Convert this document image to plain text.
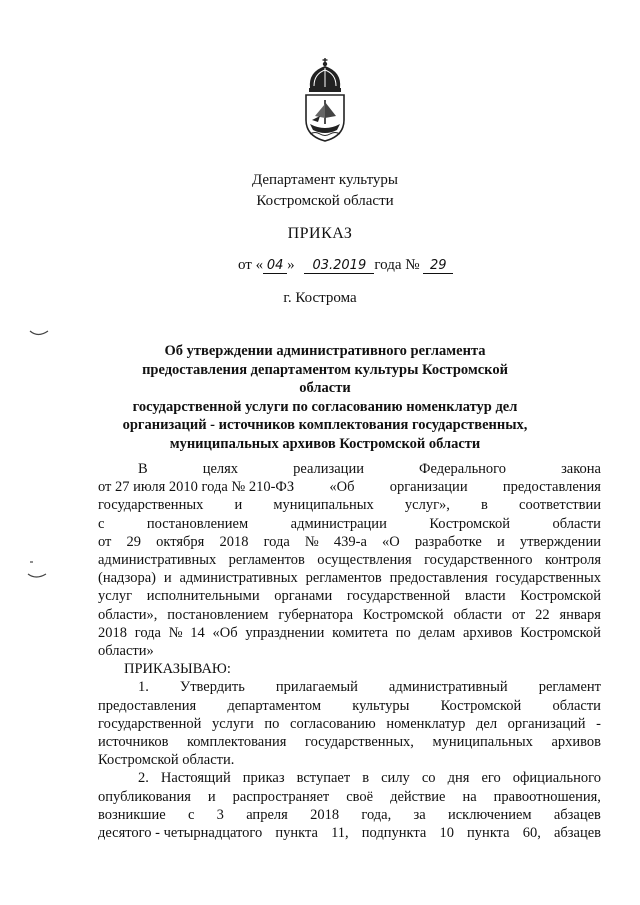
Департамент культуры
Костромской области
ПРИКАЗ
от « 04 » 03.2019 года № 29
г. Кострома
Об утверждении административного регламента
предоставления департаментом культуры Костромской области
государственной услуги по согласованию номенклатур дел
организаций - источников комплектования государственных,
муниципальных архивов Костромской области
В	целях	реализации	Федерального	закона
от 27 июля 2010 года № 210-ФЗ «Об организации предоставления
государственных и муниципальных услуг», в соответствии
с	постановлением	администрации	Костромской	области
от 29 октября 2018 года № 439-а «О разработке и утверждении
административных регламентов осуществления государственного контроля
(надзора) и административных регламентов предоставления государственных
услуг исполнительными органами государственной власти Костромской
области», постановлением губернатора Костромской области от 22 января
2018 года № 14 «Об упразднении комитета по делам архивов Костромской
области»
ПРИКАЗЫВАЮ:
1. Утвердить прилагаемый административный регламент
предоставления департаментом культуры Костромской области
государственной услуги по согласованию номенклатур дел организаций -
источников комплектования государственных, муниципальных архивов
Костромской области.
2. Настоящий приказ вступает в силу со дня его официального
опубликования и распространяет своё действие на правоотношения,
возникшие с 3 апреля 2018 года, за исключением абзацев
десятого - четырнадцатого пункта 11, подпункта 10 пункта 60, абзацев
